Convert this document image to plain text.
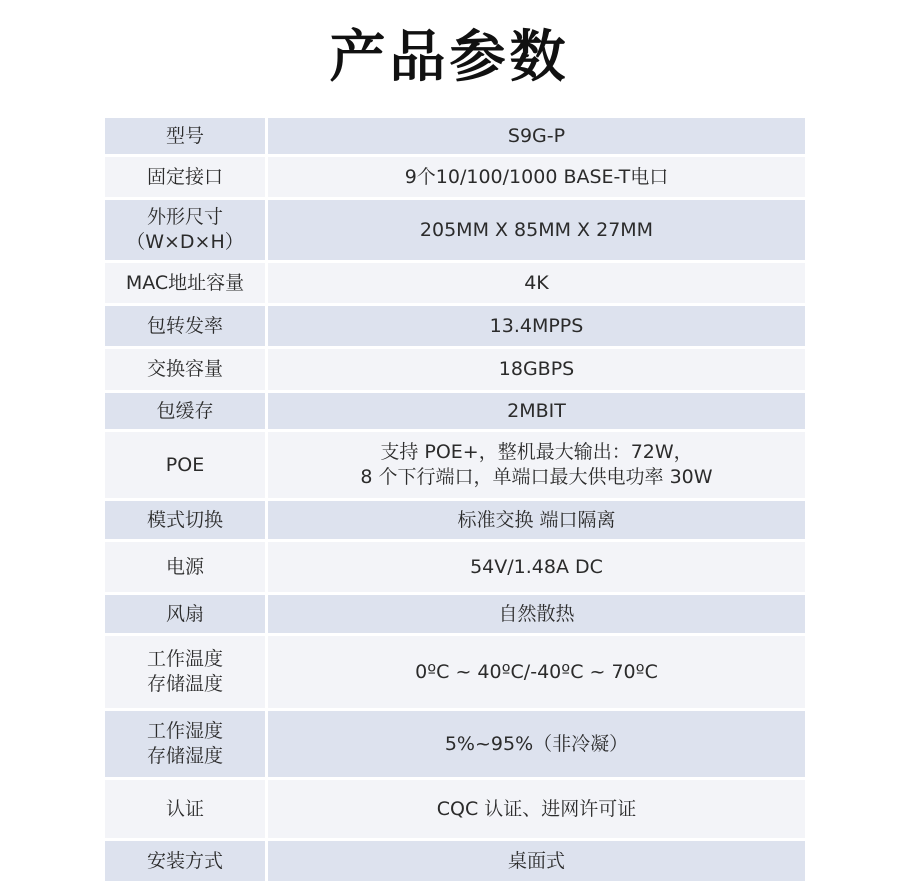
产品参数
型号	S9G-P

固定接口	9个10/100/1000 BASE-T电口

外形尺寸
（W×D×H）	205MM X 85MM X 27MM

MAC地址容量	4K

包转发率	13.4MPPS

交换容量	18GBPS

包缓存	2MBIT

POE	支持 POE+，整机最大输出：72W，
8 个下行端口，单端口最大供电功率 30W

模式切换	标准交换 端口隔离

电源	54V/1.48A DC

风扇	自然散热

工作温度
存储温度	0ºC ~ 40ºC/-40ºC ~ 70ºC

工作湿度
存储湿度	5%~95%（非冷凝）

认证	CQC 认证、进网许可证

安装方式	桌面式
